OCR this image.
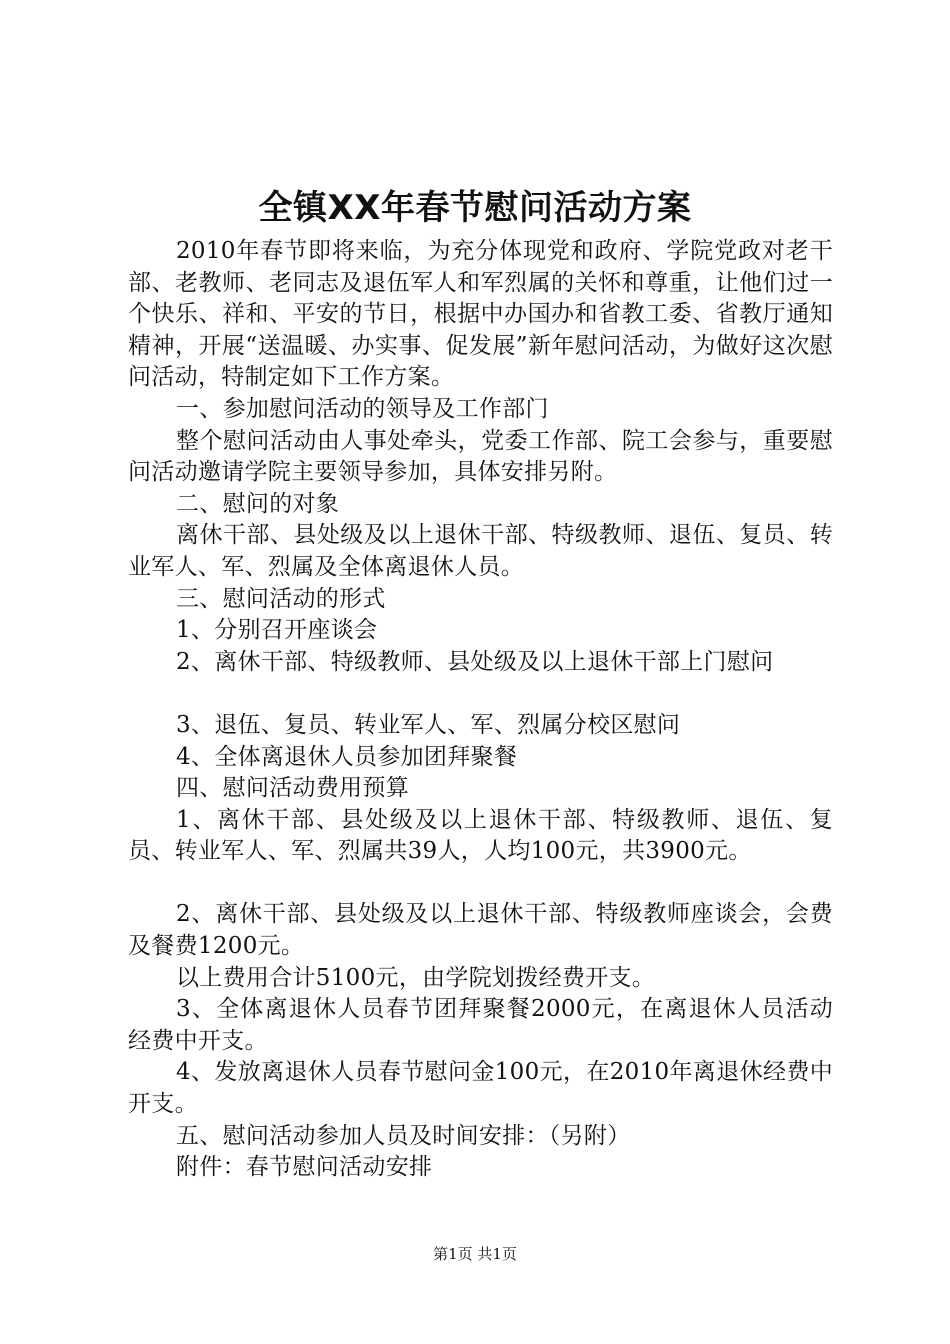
全镇XX年春节慰问活动方案

2010年春节即将来临，为充分体现党和政府、学院党政对老干部、老教师、老同志及退伍军人和军烈属的关怀和尊重，让他们过一个快乐、祥和、平安的节日，根据中办国办和省教工委、省教厅通知精神，开展“送温暖、办实事、促发展”新年慰问活动，为做好这次慰问活动，特制定如下工作方案。

一、参加慰问活动的领导及工作部门

整个慰问活动由人事处牵头，党委工作部、院工会参与，重要慰问活动邀请学院主要领导参加，具体安排另附。

二、慰问的对象

离休干部、县处级及以上退休干部、特级教师、退伍、复员、转业军人、军、烈属及全体离退休人员。

三、慰问活动的形式

1、分别召开座谈会

2、离休干部、特级教师、县处级及以上退休干部上门慰问

3、退伍、复员、转业军人、军、烈属分校区慰问

4、全体离退休人员参加团拜聚餐

四、慰问活动费用预算

1、离休干部、县处级及以上退休干部、特级教师、退伍、复员、转业军人、军、烈属共39人，人均100元，共3900元。

2、离休干部、县处级及以上退休干部、特级教师座谈会，会费及餐费1200元。

以上费用合计5100元，由学院划拨经费开支。

3、全体离退休人员春节团拜聚餐2000元，在离退休人员活动经费中开支。

4、发放离退休人员春节慰问金100元，在2010年离退休经费中开支。

五、慰问活动参加人员及时间安排：（另附）

附件：春节慰问活动安排

第1页 共1页
